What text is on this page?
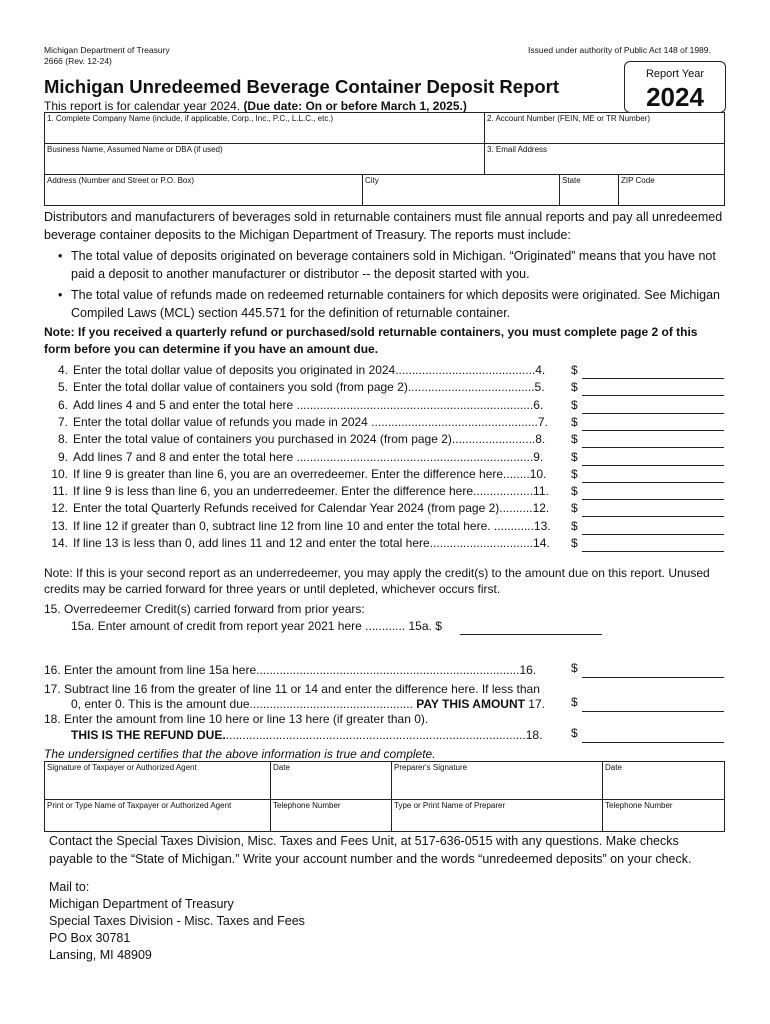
Michigan Department of Treasury
2666 (Rev. 12-24)
Issued under authority of Public Act 148 of 1989.
Report Year
2024
Michigan Unredeemed Beverage Container Deposit Report
This report is for calendar year 2024. (Due date: On or before March 1, 2025.)
1. Complete Company Name (include, if applicable, Corp., Inc., P.C., L.L.C., etc.)	2. Account Number (FEIN, ME or TR Number)
Business Name, Assumed Name or DBA (if used)	3. Email Address
Address (Number and Street or P.O. Box)	City	State	ZIP Code
Distributors and manufacturers of beverages sold in returnable containers must file annual reports and pay all unredeemed beverage container deposits to the Michigan Department of Treasury. The reports must include:
• The total value of deposits originated on beverage containers sold in Michigan. “Originated” means that you have not paid a deposit to another manufacturer or distributor -- the deposit started with you.
• The total value of refunds made on redeemed returnable containers for which deposits were originated. See Michigan Compiled Laws (MCL) section 445.571 for the definition of returnable container.
Note: If you received a quarterly refund or purchased/sold returnable containers, you must complete page 2 of this form before you can determine if you have an amount due.
4. Enter the total dollar value of deposits you originated in 2024..........................................4.	$
5. Enter the total dollar value of containers you sold (from page 2)......................................5.	$
6. Add lines 4 and 5 and enter the total here .......................................................................6.	$
7. Enter the total dollar value of refunds you made in 2024 ..................................................7.	$
8. Enter the total value of containers you purchased in 2024 (from page 2).........................8.	$
9. Add lines 7 and 8 and enter the total here .......................................................................9.	$
10. If line 9 is greater than line 6, you are an overredeemer. Enter the difference here........10.	$
11. If line 9 is less than line 6, you an underredeemer. Enter the difference here..................11.	$
12. Enter the total Quarterly Refunds received for Calendar Year 2024 (from page 2)..........12.	$
13. If line 12 if greater than 0, subtract line 12 from line 10 and enter the total here. ............13.	$
14. If line 13 is less than 0, add lines 11 and 12 and enter the total here...............................14.	$
Note: If this is your second report as an underredeemer, you may apply the credit(s) to the amount due on this report. Unused credits may be carried forward for three years or until depleted, whichever occurs first.
15. Overredeemer Credit(s) carried forward from prior years:
15a. Enter amount of credit from report year 2021 here ............ 15a. $
16. Enter the amount from line 15a here...............................................................................16.	$
17. Subtract line 16 from the greater of line 11 or 14 and enter the difference here. If less than
0, enter 0. This is the amount due................................................. PAY THIS AMOUNT 17.	$
18. Enter the amount from line 10 here or line 13 here (if greater than 0).
THIS IS THE REFUND DUE...........................................................................................18.	$
The undersigned certifies that the above information is true and complete.
Signature of Taxpayer or Authorized Agent	Date	Preparer's Signature	Date
Print or Type Name of Taxpayer or Authorized Agent	Telephone Number	Type or Print Name of Preparer	Telephone Number
Contact the Special Taxes Division, Misc. Taxes and Fees Unit, at 517-636-0515 with any questions. Make checks payable to the “State of Michigan.” Write your account number and the words “unredeemed deposits” on your check.
Mail to:
Michigan Department of Treasury
Special Taxes Division - Misc. Taxes and Fees
PO Box 30781
Lansing, MI 48909
